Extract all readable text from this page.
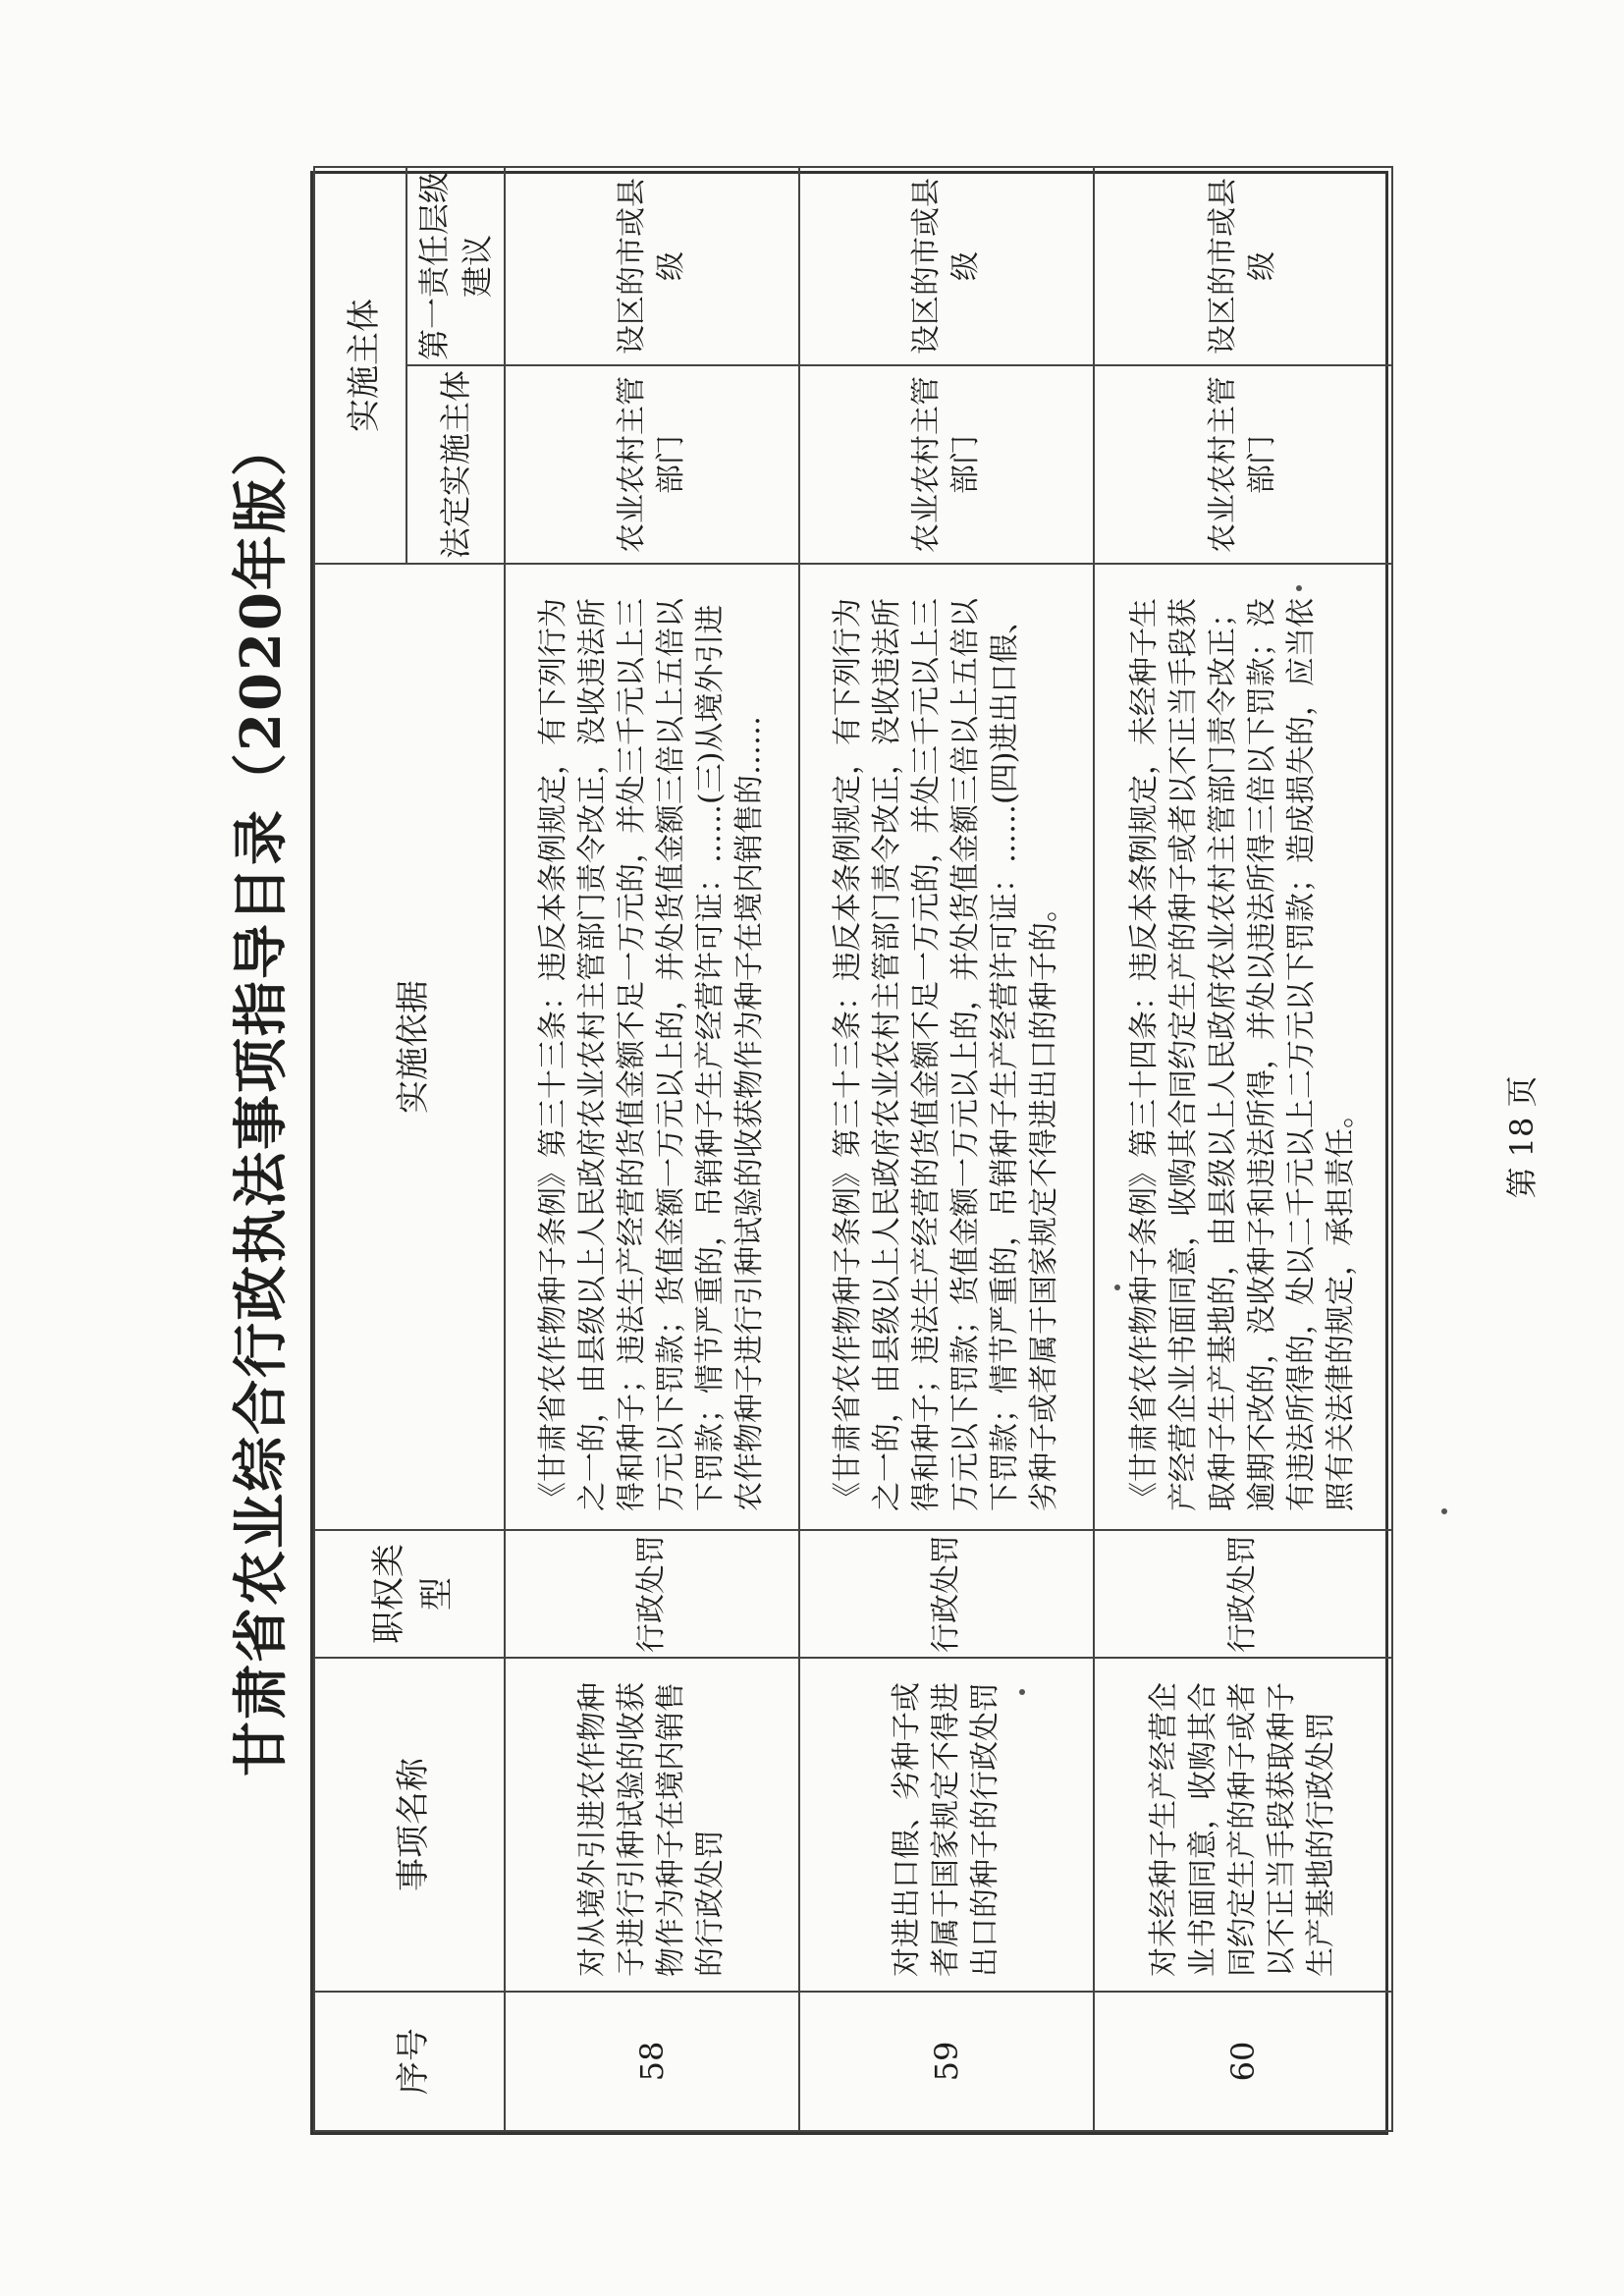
甘肃省农业综合行政执法事项指导目录（2020年版）
序号	事项名称	职权类型	实施依据	实施主体	
				法定实施主体	第一责任层级建议
58	对从境外引进农作物种子进行引种试验的收获物作为种子在境内销售的行政处罚	行政处罚	《甘肃省农作物种子条例》第三十三条：违反本条例规定，有下列行为之一的，由县级以上人民政府农业农村主管部门责令改正，没收违法所得和种子；违法生产经营的货值金额不足一万元的，并处三千元以上三万元以下罚款；货值金额一万元以上的，并处货值金额三倍以上五倍以下罚款；情节严重的，吊销种子生产经营许可证：……(三)从境外引进农作物种子进行引种试验的收获物作为种子在境内销售的……	农业农村主管部门	设区的市或县级
59	对进出口假、劣种子或者属于国家规定不得进出口的种子的行政处罚	行政处罚	《甘肃省农作物种子条例》第三十三条：违反本条例规定，有下列行为之一的，由县级以上人民政府农业农村主管部门责令改正，没收违法所得和种子；违法生产经营的货值金额不足一万元的，并处三千元以上三万元以下罚款；货值金额一万元以上的，并处货值金额三倍以上五倍以下罚款；情节严重的，吊销种子生产经营许可证：……(四)进出口假、劣种子或者属于国家规定不得进出口的种子的。	农业农村主管部门	设区的市或县级
60	对未经种子生产经营企业书面同意，收购其合同约定生产的种子或者以不正当手段获取种子生产基地的行政处罚	行政处罚	《甘肃省农作物种子条例》第三十四条：违反本条例规定，未经种子生产经营企业书面同意，收购其合同约定生产的种子或者以不正当手段获取种子生产基地的，由县级以上人民政府农业农村主管部门责令改正；逾期不改的，没收种子和违法所得，并处以违法所得三倍以下罚款；没有违法所得的，处以二千元以上二万元以下罚款；造成损失的，应当依照有关法律的规定，承担责任。	农业农村主管部门	设区的市或县级
第 18 页
